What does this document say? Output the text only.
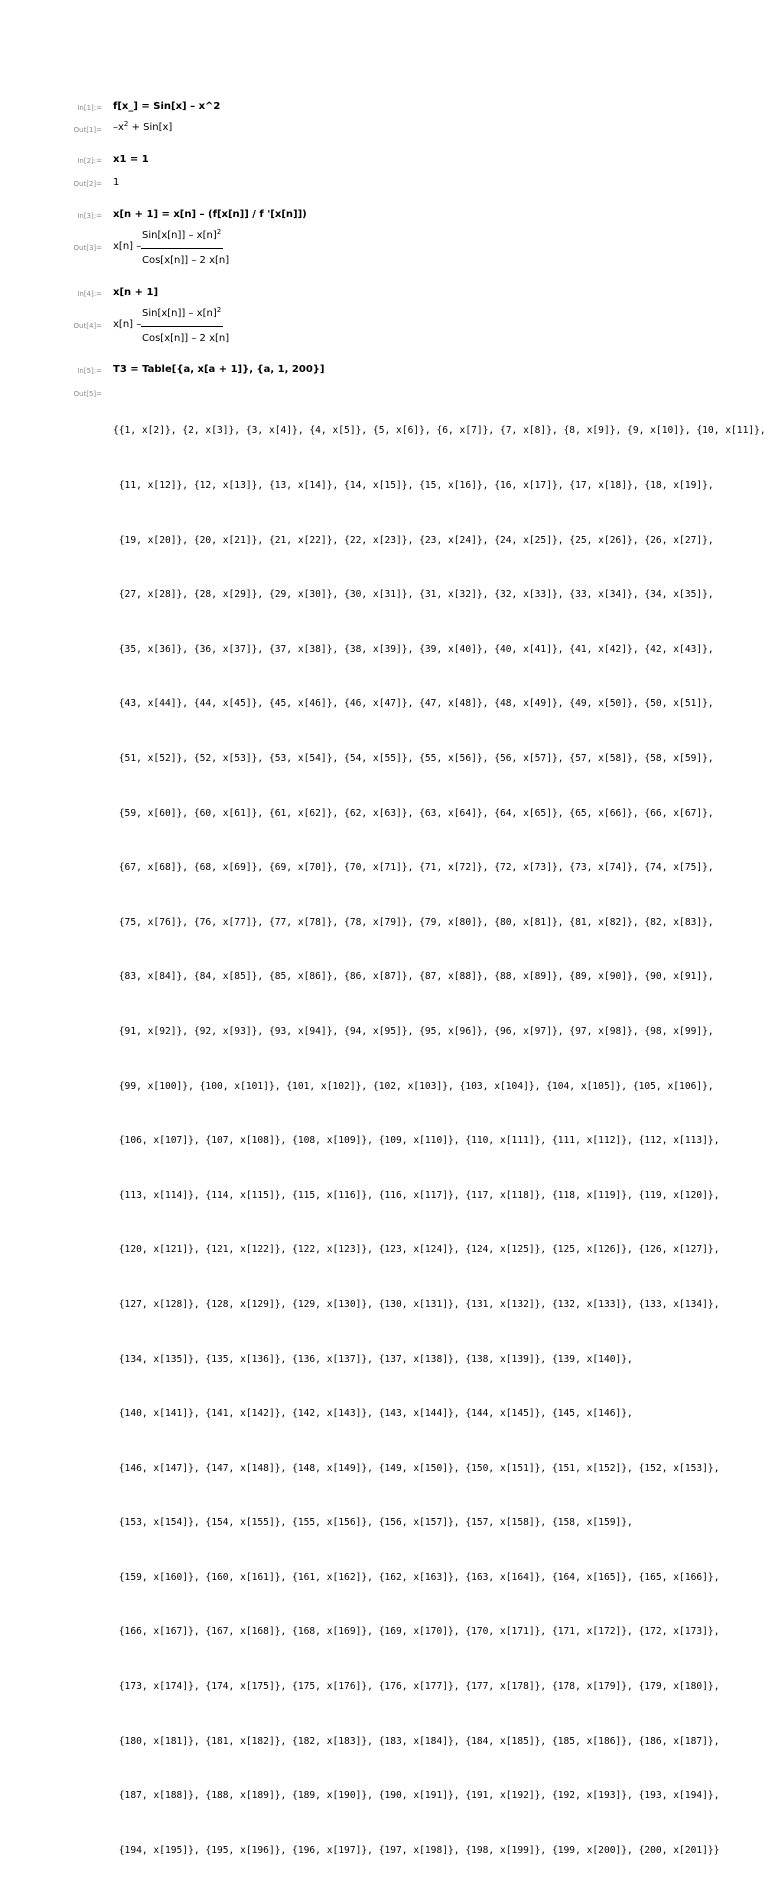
In[1]:= f[x_] = Sin[x] – x^2
$Out[1]= -x^2 + Sin[x]$
In[2]:= x1 = 1
Out[2]= 1
In[3]:= x[n + 1] = x[n] – (f[x[n]] / f '[x[n]])
Out[3]= x[n] –
$Sin[x[n]] - x[n]^2$
Cos[x[n]] – 2 x[n]
In[4]:= x[n + 1]
Out[4]= x[n] –
$Sin[x[n]] - x[n]^2$
Cos[x[n]] – 2 x[n]
In[5]:= T3 = Table[{a, x[a + 1]}, {a, 1, 200}]
Out[5]=

{{1, x[2]}, {2, x[3]}, {3, x[4]}, {4, x[5]}, {5, x[6]}, {6, x[7]}, {7, x[8]}, {8, x[9]}, {9, x[10]}, {10, x[11]},

{11, x[12]}, {12, x[13]}, {13, x[14]}, {14, x[15]}, {15, x[16]}, {16, x[17]}, {17, x[18]}, {18, x[19]},

{19, x[20]}, {20, x[21]}, {21, x[22]}, {22, x[23]}, {23, x[24]}, {24, x[25]}, {25, x[26]}, {26, x[27]},

{27, x[28]}, {28, x[29]}, {29, x[30]}, {30, x[31]}, {31, x[32]}, {32, x[33]}, {33, x[34]}, {34, x[35]},

{35, x[36]}, {36, x[37]}, {37, x[38]}, {38, x[39]}, {39, x[40]}, {40, x[41]}, {41, x[42]}, {42, x[43]},

{43, x[44]}, {44, x[45]}, {45, x[46]}, {46, x[47]}, {47, x[48]}, {48, x[49]}, {49, x[50]}, {50, x[51]},

{51, x[52]}, {52, x[53]}, {53, x[54]}, {54, x[55]}, {55, x[56]}, {56, x[57]}, {57, x[58]}, {58, x[59]},

{59, x[60]}, {60, x[61]}, {61, x[62]}, {62, x[63]}, {63, x[64]}, {64, x[65]}, {65, x[66]}, {66, x[67]},

{67, x[68]}, {68, x[69]}, {69, x[70]}, {70, x[71]}, {71, x[72]}, {72, x[73]}, {73, x[74]}, {74, x[75]},

{75, x[76]}, {76, x[77]}, {77, x[78]}, {78, x[79]}, {79, x[80]}, {80, x[81]}, {81, x[82]}, {82, x[83]},

{83, x[84]}, {84, x[85]}, {85, x[86]}, {86, x[87]}, {87, x[88]}, {88, x[89]}, {89, x[90]}, {90, x[91]},

{91, x[92]}, {92, x[93]}, {93, x[94]}, {94, x[95]}, {95, x[96]}, {96, x[97]}, {97, x[98]}, {98, x[99]},

{99, x[100]}, {100, x[101]}, {101, x[102]}, {102, x[103]}, {103, x[104]}, {104, x[105]}, {105, x[106]},

{106, x[107]}, {107, x[108]}, {108, x[109]}, {109, x[110]}, {110, x[111]}, {111, x[112]}, {112, x[113]},

{113, x[114]}, {114, x[115]}, {115, x[116]}, {116, x[117]}, {117, x[118]}, {118, x[119]}, {119, x[120]},

{120, x[121]}, {121, x[122]}, {122, x[123]}, {123, x[124]}, {124, x[125]}, {125, x[126]}, {126, x[127]},

{127, x[128]}, {128, x[129]}, {129, x[130]}, {130, x[131]}, {131, x[132]}, {132, x[133]}, {133, x[134]},

{134, x[135]}, {135, x[136]}, {136, x[137]}, {137, x[138]}, {138, x[139]}, {139, x[140]},

{140, x[141]}, {141, x[142]}, {142, x[143]}, {143, x[144]}, {144, x[145]}, {145, x[146]},

{146, x[147]}, {147, x[148]}, {148, x[149]}, {149, x[150]}, {150, x[151]}, {151, x[152]}, {152, x[153]},

{153, x[154]}, {154, x[155]}, {155, x[156]}, {156, x[157]}, {157, x[158]}, {158, x[159]},

{159, x[160]}, {160, x[161]}, {161, x[162]}, {162, x[163]}, {163, x[164]}, {164, x[165]}, {165, x[166]},

{166, x[167]}, {167, x[168]}, {168, x[169]}, {169, x[170]}, {170, x[171]}, {171, x[172]}, {172, x[173]},

{173, x[174]}, {174, x[175]}, {175, x[176]}, {176, x[177]}, {177, x[178]}, {178, x[179]}, {179, x[180]},

{180, x[181]}, {181, x[182]}, {182, x[183]}, {183, x[184]}, {184, x[185]}, {185, x[186]}, {186, x[187]},

{187, x[188]}, {188, x[189]}, {189, x[190]}, {190, x[191]}, {191, x[192]}, {192, x[193]}, {193, x[194]},

{194, x[195]}, {195, x[196]}, {196, x[197]}, {197, x[198]}, {198, x[199]}, {199, x[200]}, {200, x[201]}}
